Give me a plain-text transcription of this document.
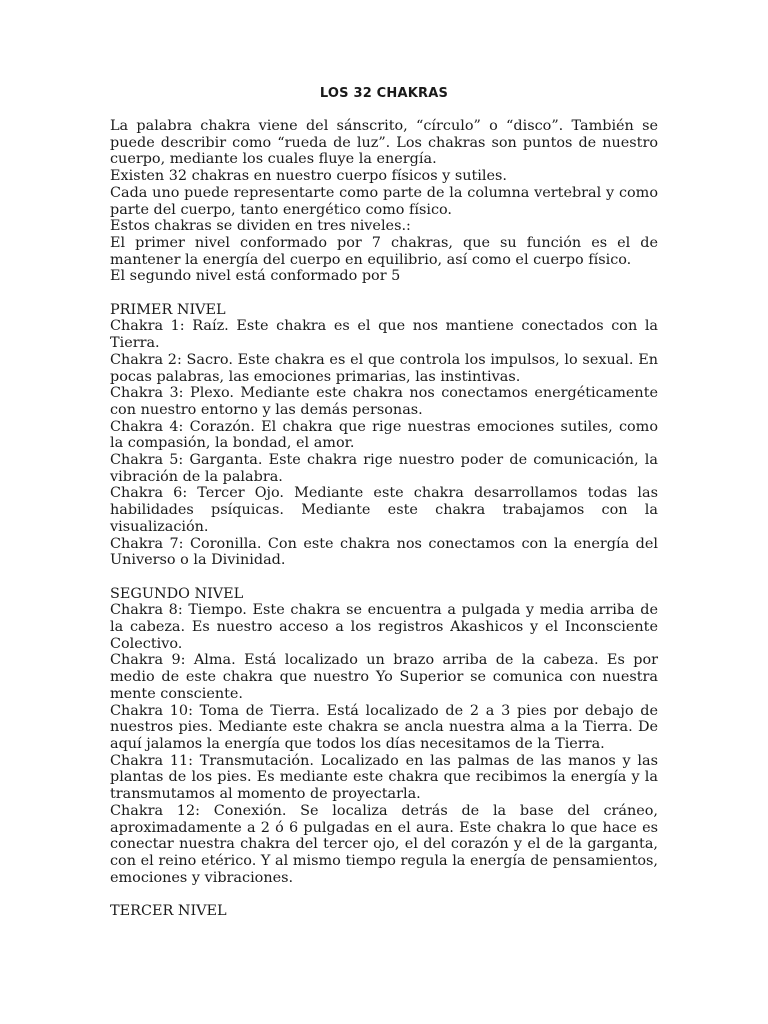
LOS 32 CHAKRAS

La palabra chakra viene del sánscrito, “círculo” o “disco”. También se puede describir como “rueda de luz”. Los chakras son puntos de nuestro cuerpo, mediante los cuales fluye la energía.

Existen 32 chakras en nuestro cuerpo físicos y sutiles.

Cada uno puede representarte como parte de la columna vertebral y como parte del cuerpo, tanto energético como físico.

Estos chakras se dividen en tres niveles.:

El primer nivel conformado por 7 chakras, que su función es el de mantener la energía del cuerpo en equilibrio, así como el cuerpo físico.

El segundo nivel está conformado por 5

PRIMER NIVEL

Chakra 1: Raíz. Este chakra es el que nos mantiene conectados con la Tierra.

Chakra 2: Sacro. Este chakra es el que controla los impulsos, lo sexual. En pocas palabras, las emociones primarias, las instintivas.

Chakra 3: Plexo. Mediante este chakra nos conectamos energéticamente con nuestro entorno y las demás personas.

Chakra 4: Corazón. El chakra que rige nuestras emociones sutiles, como la compasión, la bondad, el amor.

Chakra 5: Garganta. Este chakra rige nuestro poder de comunicación, la vibración de la palabra.

Chakra 6: Tercer Ojo. Mediante este chakra desarrollamos todas las habilidades psíquicas. Mediante este chakra trabajamos con la visualización.

Chakra 7: Coronilla. Con este chakra nos conectamos con la energía del Universo o la Divinidad.

SEGUNDO NIVEL

Chakra 8: Tiempo. Este chakra se encuentra a pulgada y media arriba de la cabeza. Es nuestro acceso a los registros Akashicos y el Inconsciente Colectivo.

Chakra 9: Alma. Está localizado un brazo arriba de la cabeza. Es por medio de este chakra que nuestro Yo Superior se comunica con nuestra mente consciente.

Chakra 10: Toma de Tierra. Está localizado de 2 a 3 pies por debajo de nuestros pies. Mediante este chakra se ancla nuestra alma a la Tierra. De aquí jalamos la energía que todos los días necesitamos de la Tierra.

Chakra 11: Transmutación. Localizado en las palmas de las manos y las plantas de los pies. Es mediante este chakra que recibimos la energía y la transmutamos al momento de proyectarla.

Chakra 12: Conexión. Se localiza detrás de la base del cráneo, aproximadamente a 2 ó 6 pulgadas en el aura. Este chakra lo que hace es conectar nuestra chakra del tercer ojo, el del corazón y el de la garganta, con el reino etérico. Y al mismo tiempo regula la energía de pensamientos, emociones y vibraciones.

TERCER NIVEL
